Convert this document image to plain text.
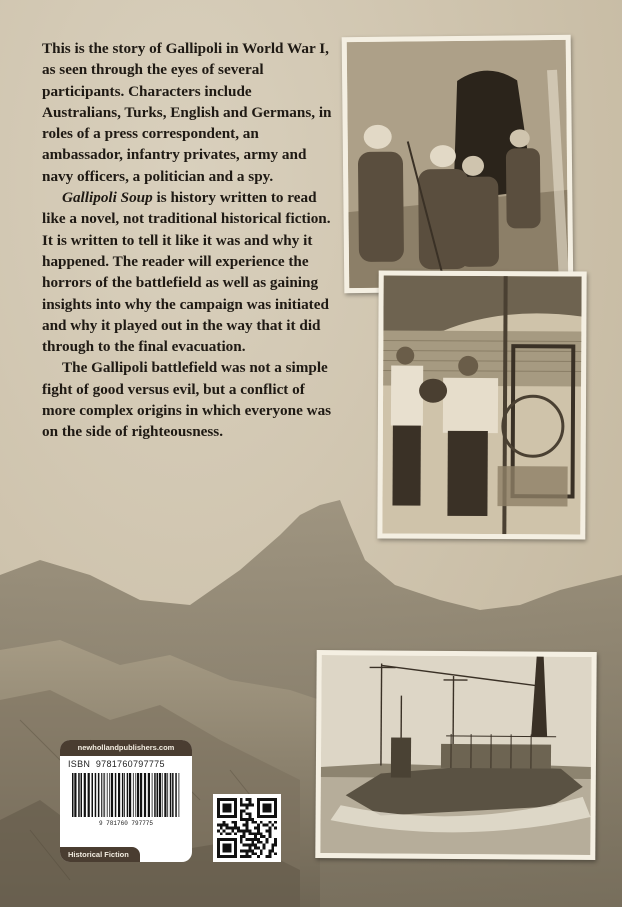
This is the story of Gallipoli in World War I, as seen through the eyes of several participants. Characters include Australians, Turks, English and Germans, in roles of a press correspondent, an ambassador, infantry privates, army and navy officers, a politician and a spy.

Gallipoli Soup is history written to read like a novel, not traditional historical fiction. It is written to tell it like it was and why it happened. The reader will experience the horrors of the battlefield as well as gaining insights into why the campaign was initiated and why it played out in the way that it did through to the final evacuation.

The Gallipoli battlefield was not a simple fight of good versus evil, but a conflict of more complex origins in which everyone was on the side of righteousness.

newhollandpublishers.com
ISBN 9781760797775
9 781760 797775
Historical Fiction
